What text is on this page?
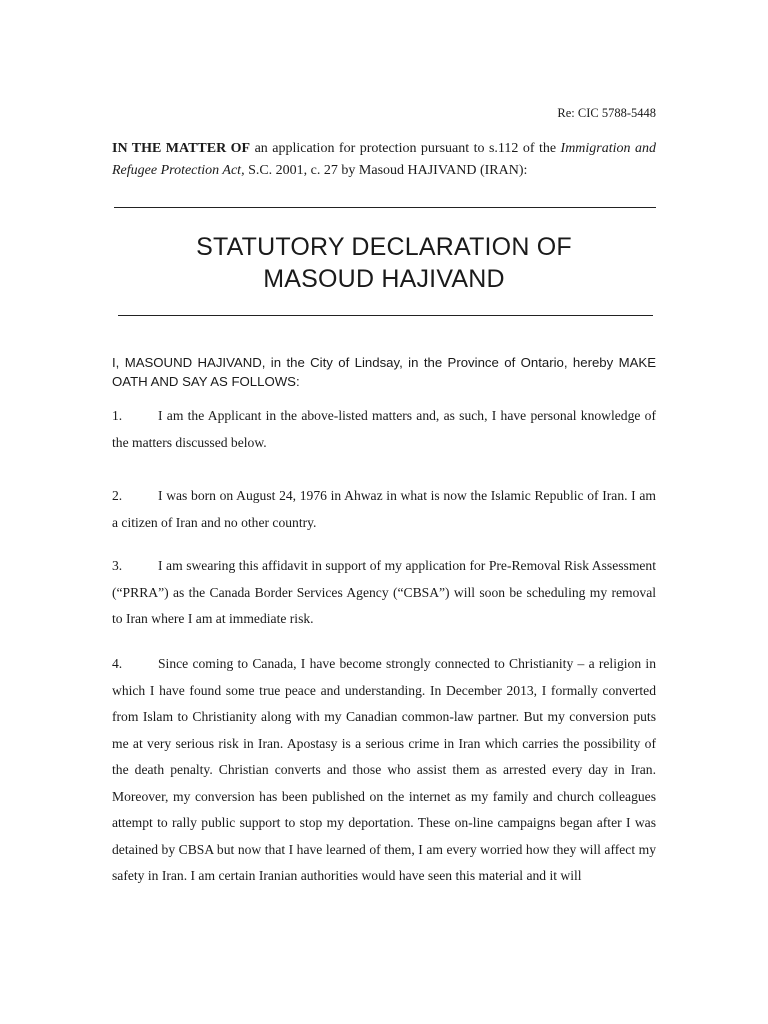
Re: CIC 5788-5448
IN THE MATTER OF an application for protection pursuant to s.112 of the Immigration and Refugee Protection Act, S.C. 2001, c. 27 by Masoud HAJIVAND (IRAN):
STATUTORY DECLARATION OF
MASOUD HAJIVAND
I, MASOUND HAJIVAND, in the City of Lindsay, in the Province of Ontario, hereby MAKE OATH AND SAY AS FOLLOWS:
1.	I am the Applicant in the above-listed matters and, as such, I have personal knowledge of the matters discussed below.
2.	I was born on August 24, 1976 in Ahwaz in what is now the Islamic Republic of Iran. I am a citizen of Iran and no other country.
3.	I am swearing this affidavit in support of my application for Pre-Removal Risk Assessment (“PRRA”) as the Canada Border Services Agency (“CBSA”) will soon be scheduling my removal to Iran where I am at immediate risk.
4.	Since coming to Canada, I have become strongly connected to Christianity – a religion in which I have found some true peace and understanding. In December 2013, I formally converted from Islam to Christianity along with my Canadian common-law partner. But my conversion puts me at very serious risk in Iran. Apostasy is a serious crime in Iran which carries the possibility of the death penalty. Christian converts and those who assist them as arrested every day in Iran. Moreover, my conversion has been published on the internet as my family and church colleagues attempt to rally public support to stop my deportation. These on-line campaigns began after I was detained by CBSA but now that I have learned of them, I am every worried how they will affect my safety in Iran. I am certain Iranian authorities would have seen this material and it will
